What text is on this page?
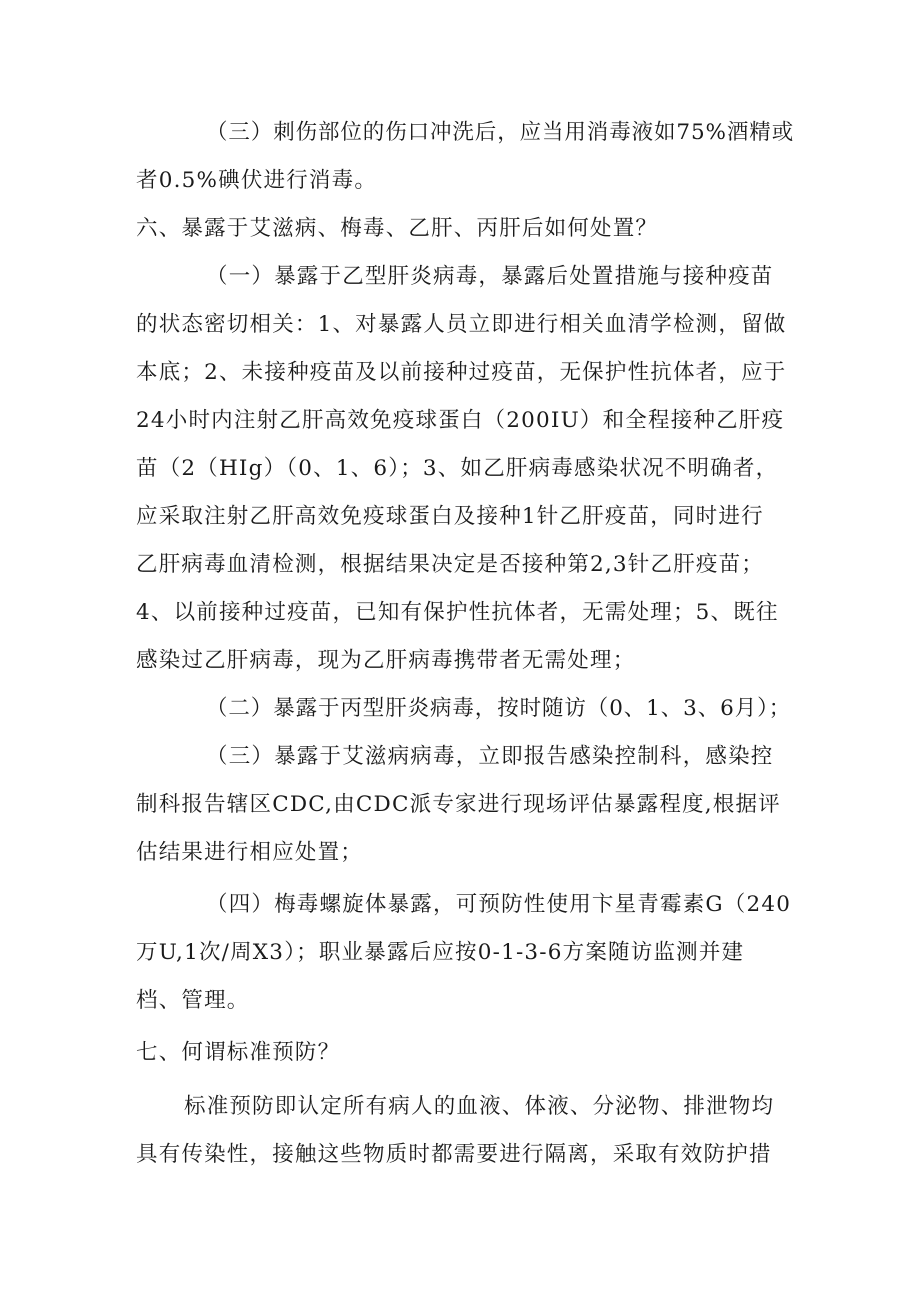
（三）刺伤部位的伤口冲洗后，应当用消毒液如75%酒精或
者0.5%碘伏进行消毒。
六、暴露于艾滋病、梅毒、乙肝、丙肝后如何处置？
（一）暴露于乙型肝炎病毒，暴露后处置措施与接种疫苗
的状态密切相关：1、对暴露人员立即进行相关血清学检测，留做
本底；2、未接种疫苗及以前接种过疫苗，无保护性抗体者，应于
24小时内注射乙肝高效免疫球蛋白（200IU）和全程接种乙肝疫
苗（2（HIg）（0、1、6）；3、如乙肝病毒感染状况不明确者，
应采取注射乙肝高效免疫球蛋白及接种1针乙肝疫苗，同时进行
乙肝病毒血清检测，根据结果决定是否接种第2,3针乙肝疫苗；
4、以前接种过疫苗，已知有保护性抗体者，无需处理；5、既往
感染过乙肝病毒，现为乙肝病毒携带者无需处理；
（二）暴露于丙型肝炎病毒，按时随访（0、1、3、6月）；
（三）暴露于艾滋病病毒，立即报告感染控制科，感染控
制科报告辖区CDC,由CDC派专家进行现场评估暴露程度,根据评
估结果进行相应处置；
（四）梅毒螺旋体暴露，可预防性使用卞星青霉素G（240
万U,1次/周X3）；职业暴露后应按0-1-3-6方案随访监测并建
档、管理。
七、何谓标准预防？
标准预防即认定所有病人的血液、体液、分泌物、排泄物均
具有传染性，接触这些物质时都需要进行隔离，采取有效防护措
